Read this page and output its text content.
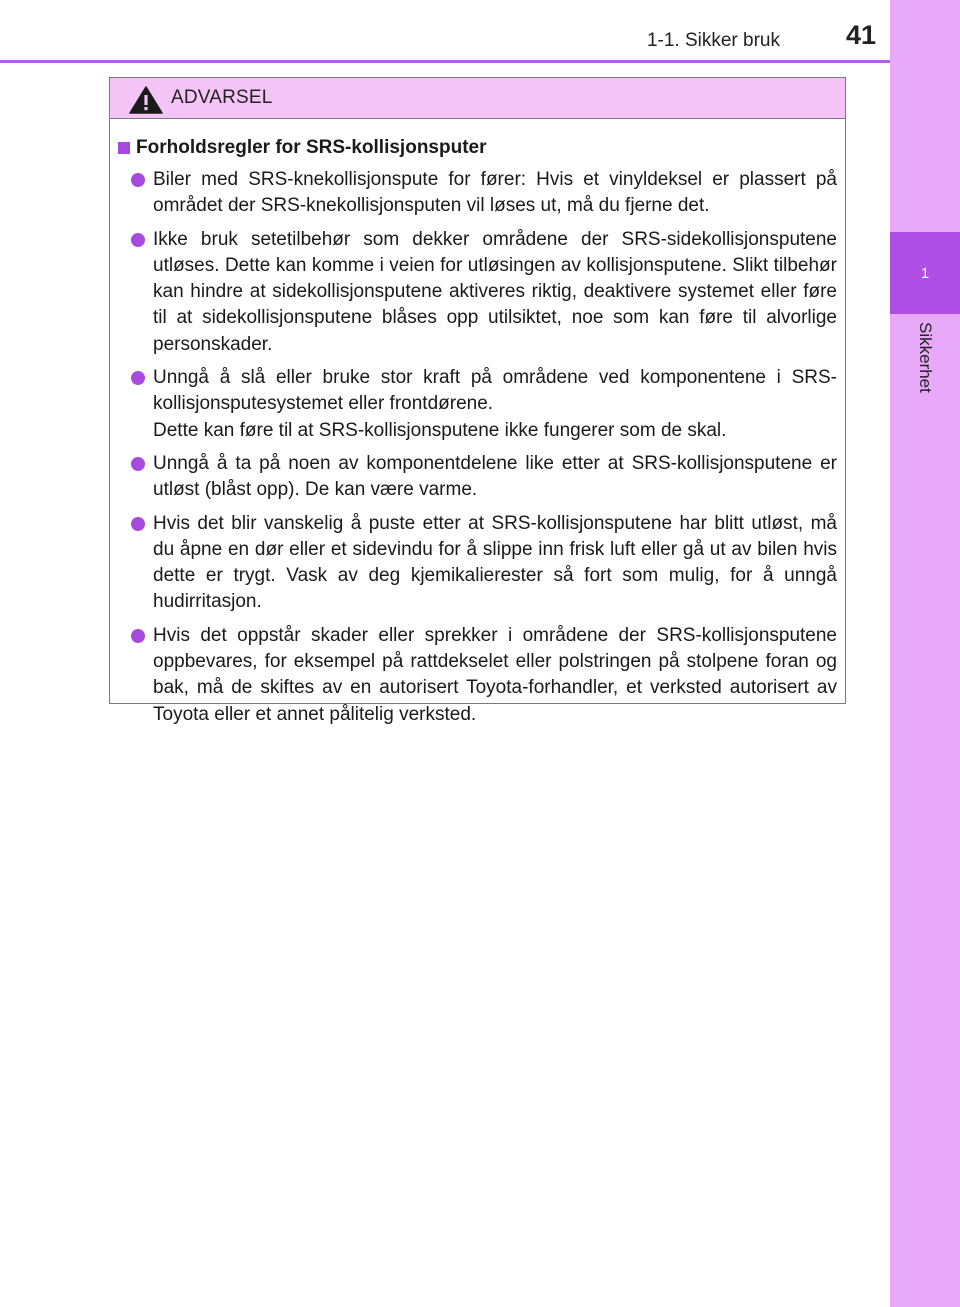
1-1. Sikker bruk	41
1
Sikkerhet
ADVARSEL
Forholdsregler for SRS-kollisjonsputer
Biler med SRS-knekollisjonspute for fører: Hvis et vinyldeksel er plassert på området der SRS-knekollisjonsputen vil løses ut, må du fjerne det.
Ikke bruk setetilbehør som dekker områdene der SRS-sidekollisjonsputene utløses. Dette kan komme i veien for utløsingen av kollisjonsputene. Slikt tilbehør kan hindre at sidekollisjonsputene aktiveres riktig, deaktivere systemet eller føre til at sidekollisjonsputene blåses opp utilsiktet, noe som kan føre til alvorlige personskader.
Unngå å slå eller bruke stor kraft på områdene ved komponentene i SRS-kollisjonsputesystemet eller frontdørene.
Dette kan føre til at SRS-kollisjonsputene ikke fungerer som de skal.
Unngå å ta på noen av komponentdelene like etter at SRS-kollisjonsputene er utløst (blåst opp). De kan være varme.
Hvis det blir vanskelig å puste etter at SRS-kollisjonsputene har blitt utløst, må du åpne en dør eller et sidevindu for å slippe inn frisk luft eller gå ut av bilen hvis dette er trygt. Vask av deg kjemikalierester så fort som mulig, for å unngå hudirritasjon.
Hvis det oppstår skader eller sprekker i områdene der SRS-kollisjonsputene oppbevares, for eksempel på rattdekselet eller polstringen på stolpene foran og bak, må de skiftes av en autorisert Toyota-forhandler, et verksted autorisert av Toyota eller et annet pålitelig verksted.
